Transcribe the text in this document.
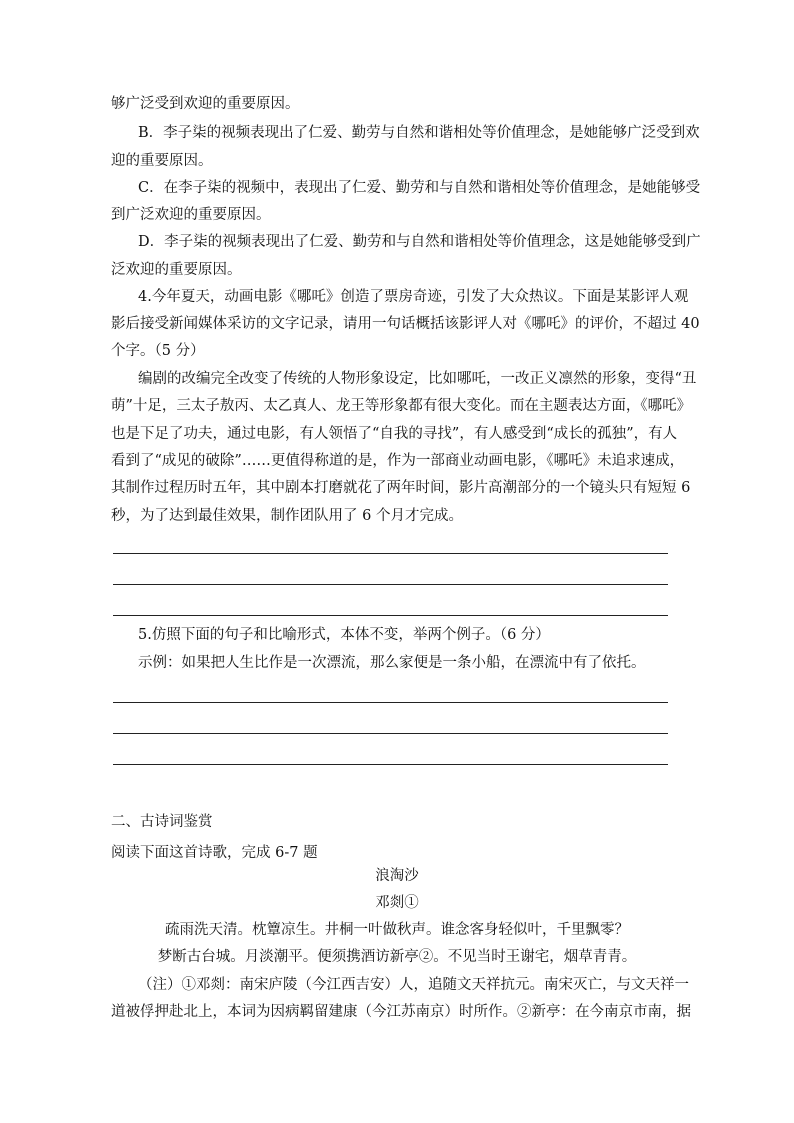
够广泛受到欢迎的重要原因。
B．李子柒的视频表现出了仁爱、勤劳与自然和谐相处等价值理念，是她能够广泛受到欢
迎的重要原因。
C．在李子柒的视频中，表现出了仁爱、勤劳和与自然和谐相处等价值理念，是她能够受
到广泛欢迎的重要原因。
D．李子柒的视频表现出了仁爱、勤劳和与自然和谐相处等价值理念，这是她能够受到广
泛欢迎的重要原因。
4.今年夏天，动画电影《哪吒》创造了票房奇迹，引发了大众热议。下面是某影评人观
影后接受新闻媒体采访的文字记录，请用一句话概括该影评人对《哪吒》的评价，不超过 40
个字。（5 分）
编剧的改编完全改变了传统的人物形象设定，比如哪吒，一改正义凛然的形象，变得“丑
萌”十足，三太子敖丙、太乙真人、龙王等形象都有很大变化。而在主题表达方面，《哪吒》
也是下足了功夫，通过电影，有人领悟了“自我的寻找”，有人感受到“成长的孤独”，有人
看到了“成见的破除”……更值得称道的是，作为一部商业动画电影，《哪吒》未追求速成，
其制作过程历时五年，其中剧本打磨就花了两年时间，影片高潮部分的一个镜头只有短短 6
秒，为了达到最佳效果，制作团队用了 6 个月才完成。
5.仿照下面的句子和比喻形式，本体不变，举两个例子。（6 分）
示例：如果把人生比作是一次漂流，那么家便是一条小船，在漂流中有了依托。
二、古诗词鉴赏
阅读下面这首诗歌，完成 6-7 题
浪淘沙
邓剡①
疏雨洗天清。枕簟凉生。井桐一叶做秋声。谁念客身轻似叶，千里飘零？
梦断古台城。月淡潮平。便须携酒访新亭②。不见当时王谢宅，烟草青青。
（注）①邓剡：南宋庐陵（今江西吉安）人，追随文天祥抗元。南宋灭亡，与文天祥一
道被俘押赴北上，本词为因病羁留建康（今江苏南京）时所作。②新亭：在今南京市南，据
